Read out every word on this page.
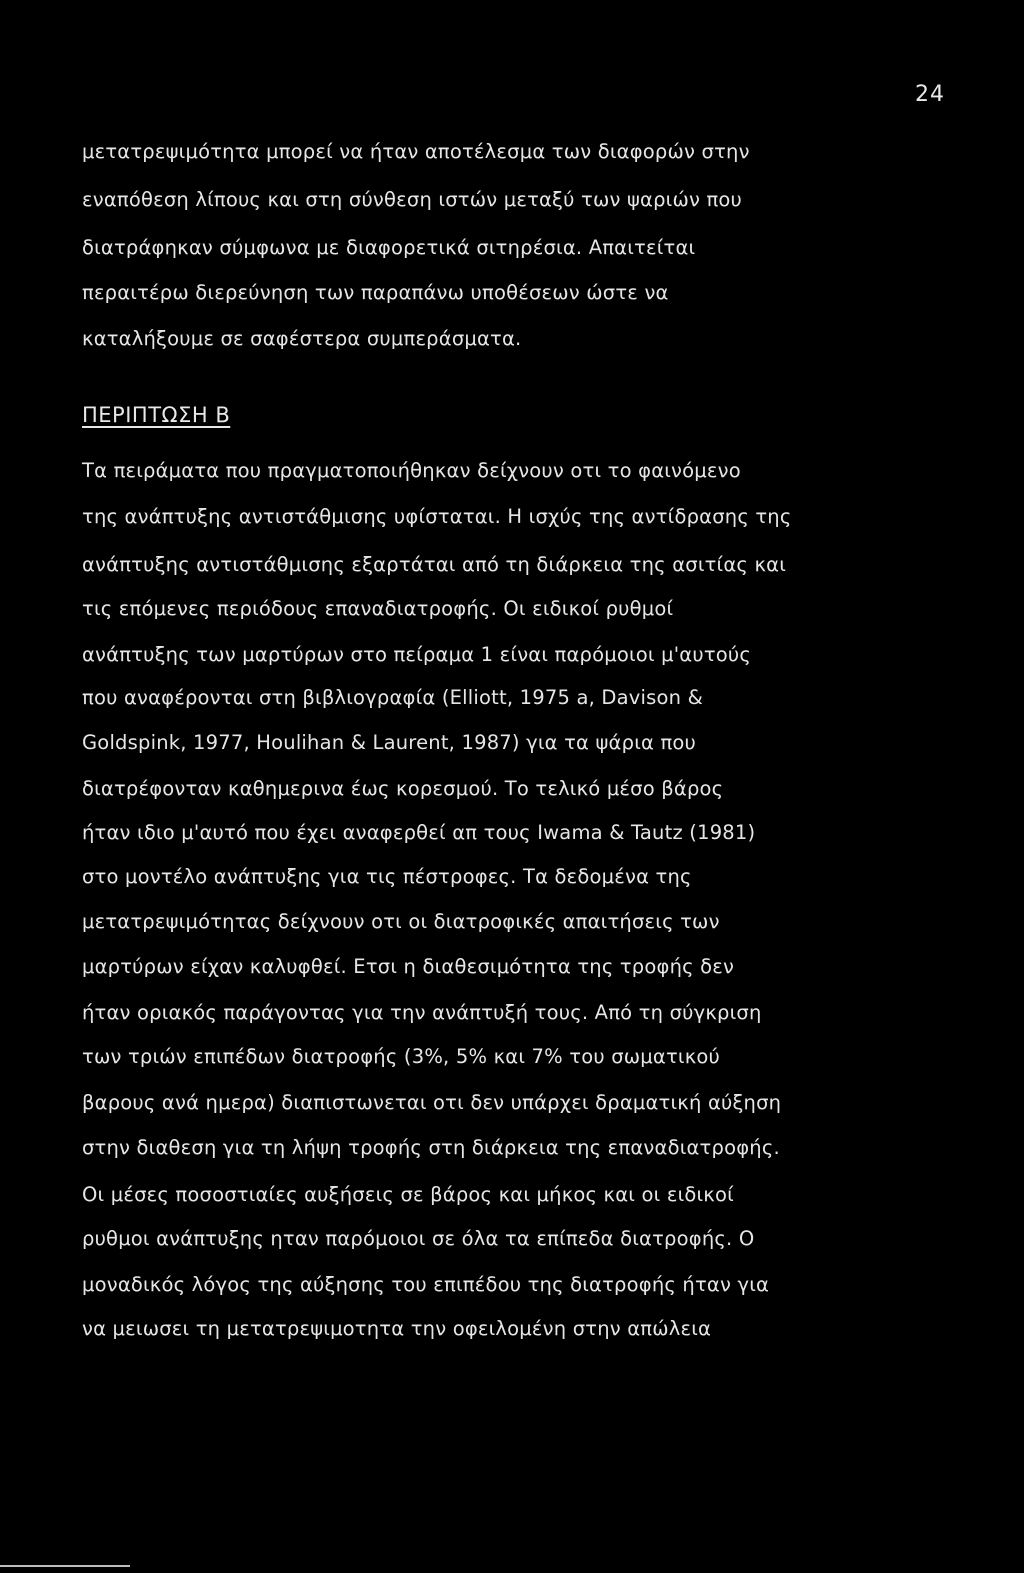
24
μετατρεψιμότητα μπορεί να ήταν αποτέλεσμα των διαφορών στην
εναπόθεση λίπους και στη σύνθεση ιστών μεταξύ των ψαριών που
διατράφηκαν σύμφωνα με διαφορετικά σιτηρέσια. Απαιτείται
περαιτέρω διερεύνηση των παραπάνω υποθέσεων ώστε να
καταλήξουμε σε σαφέστερα συμπεράσματα.
ΠΕΡΙΠΤΩΣΗ Β
Τα πειράματα που πραγματοποιήθηκαν δείχνουν οτι το φαινόμενο
της ανάπτυξης αντιστάθμισης υφίσταται. Η ισχύς της αντίδρασης της
ανάπτυξης αντιστάθμισης εξαρτάται από τη διάρκεια της ασιτίας και
τις επόμενες περιόδους επαναδιατροφής. Οι ειδικοί ρυθμοί
ανάπτυξης των μαρτύρων στο πείραμα 1 είναι παρόμοιοι μ'αυτούς
που αναφέρονται στη βιβλιογραφία (Elliott, 1975 a, Davison &
Goldspink, 1977, Houlihan & Laurent, 1987) για τα ψάρια που
διατρέφονταν καθημερινα έως κορεσμού. Το τελικό μέσο βάρος
ήταν ιδιο μ'αυτό που έχει αναφερθεί απ τους Iwama & Tautz (1981)
στο μοντέλο ανάπτυξης για τις πέστροφες. Τα δεδομένα της
μετατρεψιμότητας δείχνουν οτι οι διατροφικές απαιτήσεις των
μαρτύρων είχαν καλυφθεί. Ετσι η διαθεσιμότητα της τροφής δεν
ήταν οριακός παράγοντας για την ανάπτυξή τους. Από τη σύγκριση
των τριών επιπέδων διατροφής (3%, 5% και 7% του σωματικού
βαρους ανά ημερα) διαπιστωνεται οτι δεν υπάρχει δραματική αύξηση
στην διαθεση για τη λήψη τροφής στη διάρκεια της επαναδιατροφής.
Οι μέσες ποσοστιαίες αυξήσεις σε βάρος και μήκος και οι ειδικοί
ρυθμοι ανάπτυξης ηταν παρόμοιοι σε όλα τα επίπεδα διατροφής. Ο
μοναδικός λόγος της αύξησης του επιπέδου της διατροφής ήταν για
να μειωσει τη μετατρεψιμοτητα την οφειλομένη στην απώλεια
